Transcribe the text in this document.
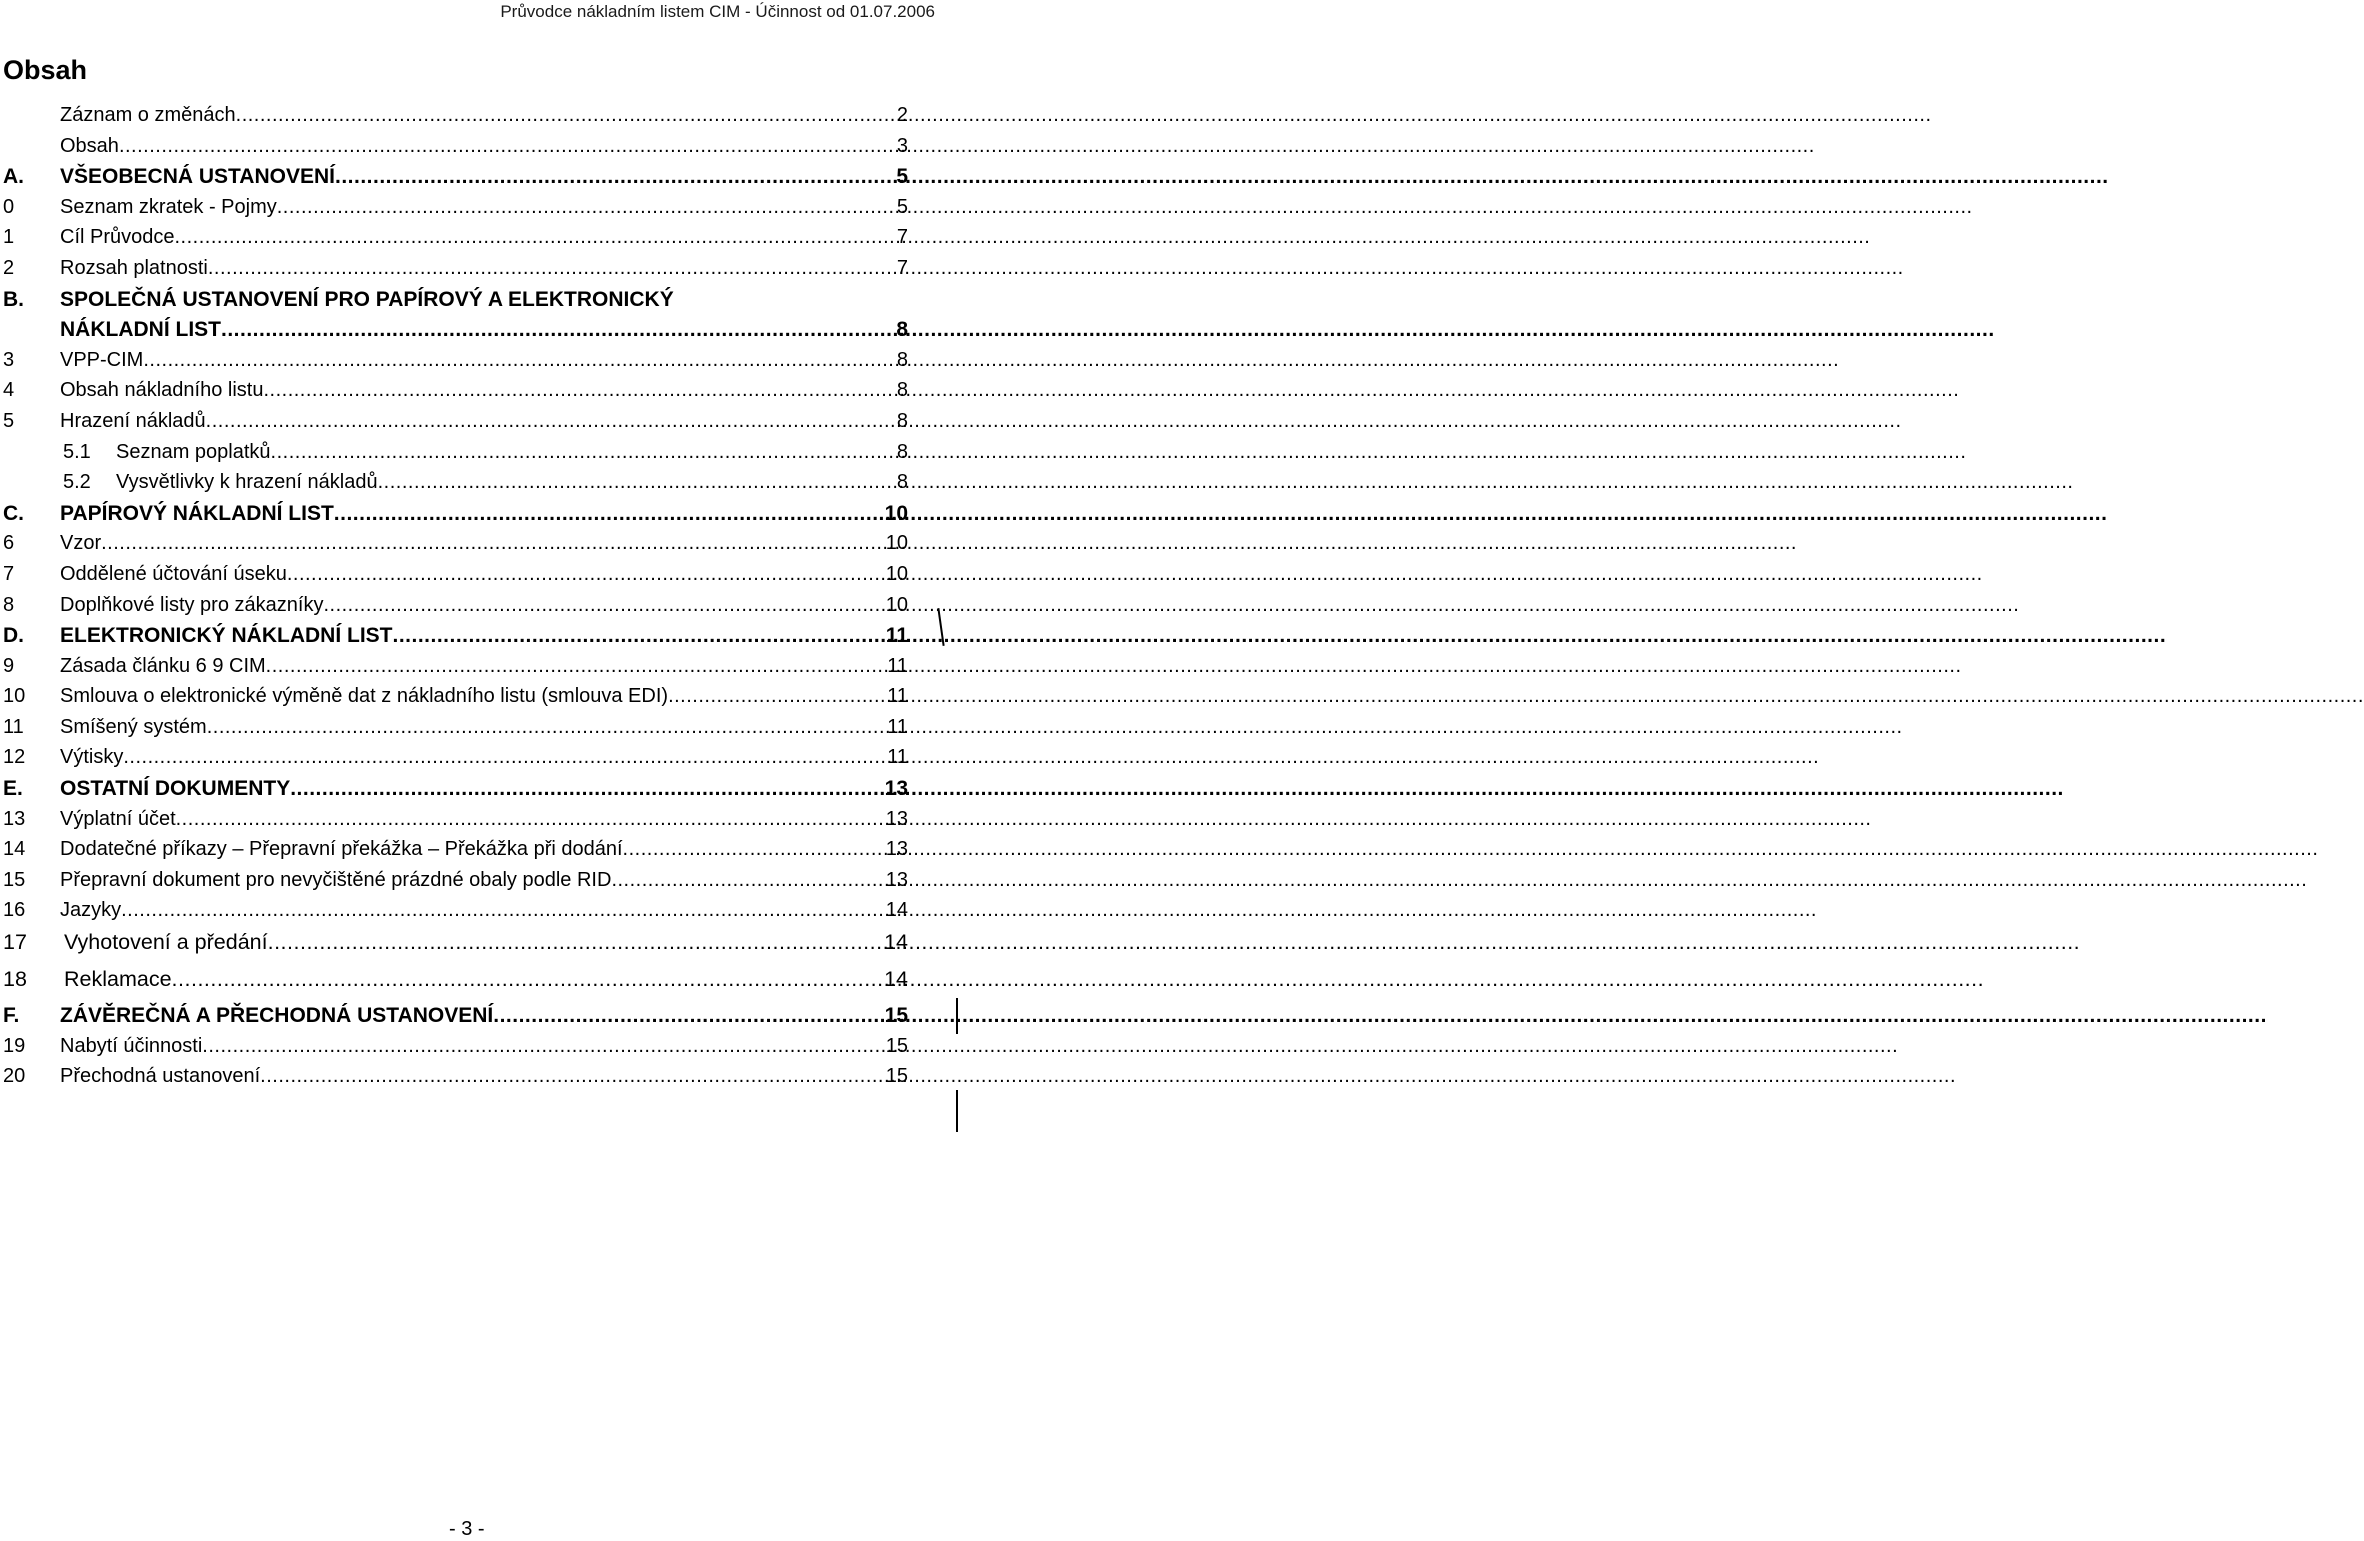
Průvodce nákladním listem CIM - Účinnost od 01.07.2006
Obsah
Záznam o změnách .....	2
Obsah .....	3
A.	VŠEOBECNÁ USTANOVENÍ .....	5
0	Seznam zkratek - Pojmy .....	5
1	Cíl Průvodce .....	7
2	Rozsah platnosti .....	7
B.	SPOLEČNÁ USTANOVENÍ PRO PAPÍROVÝ A ELEKTRONICKÝ
NÁKLADNÍ LIST .....	8
3	VPP-CIM .....	8
4	Obsah nákladního listu .....	8
5	Hrazení nákladů .....	8
5.1	Seznam poplatků .....	8
5.2	Vysvětlivky k hrazení nákladů .....	8
C.	PAPÍROVÝ NÁKLADNÍ LIST .....	10
6	Vzor .....	10
7	Oddělené účtování úseku .....	10
8	Doplňkové listy pro zákazníky .....	10
D.	ELEKTRONICKÝ NÁKLADNÍ LIST .....	11
9	Zásada článku 6 9 CIM .....	11
10	Smlouva o elektronické výměně dat z nákladního listu (smlouva EDI) .....	11
11	Smíšený systém .....	11
12	Výtisky .....	11
E.	OSTATNÍ DOKUMENTY .....	13
13	Výplatní účet .....	13
14	Dodatečné příkazy – Přepravní překážka – Překážka při dodání .....	13
15	Přepravní dokument pro nevyčištěné prázdné obaly podle RID .....	13
16	Jazyky .....	14
17	Vyhotovení a předání .....	14
18	Reklamace .....	14
F.	ZÁVĚREČNÁ A PŘECHODNÁ USTANOVENÍ .....	15
19	Nabytí účinnosti .....	15
20	Přechodná ustanovení .....	15
- 3 -
